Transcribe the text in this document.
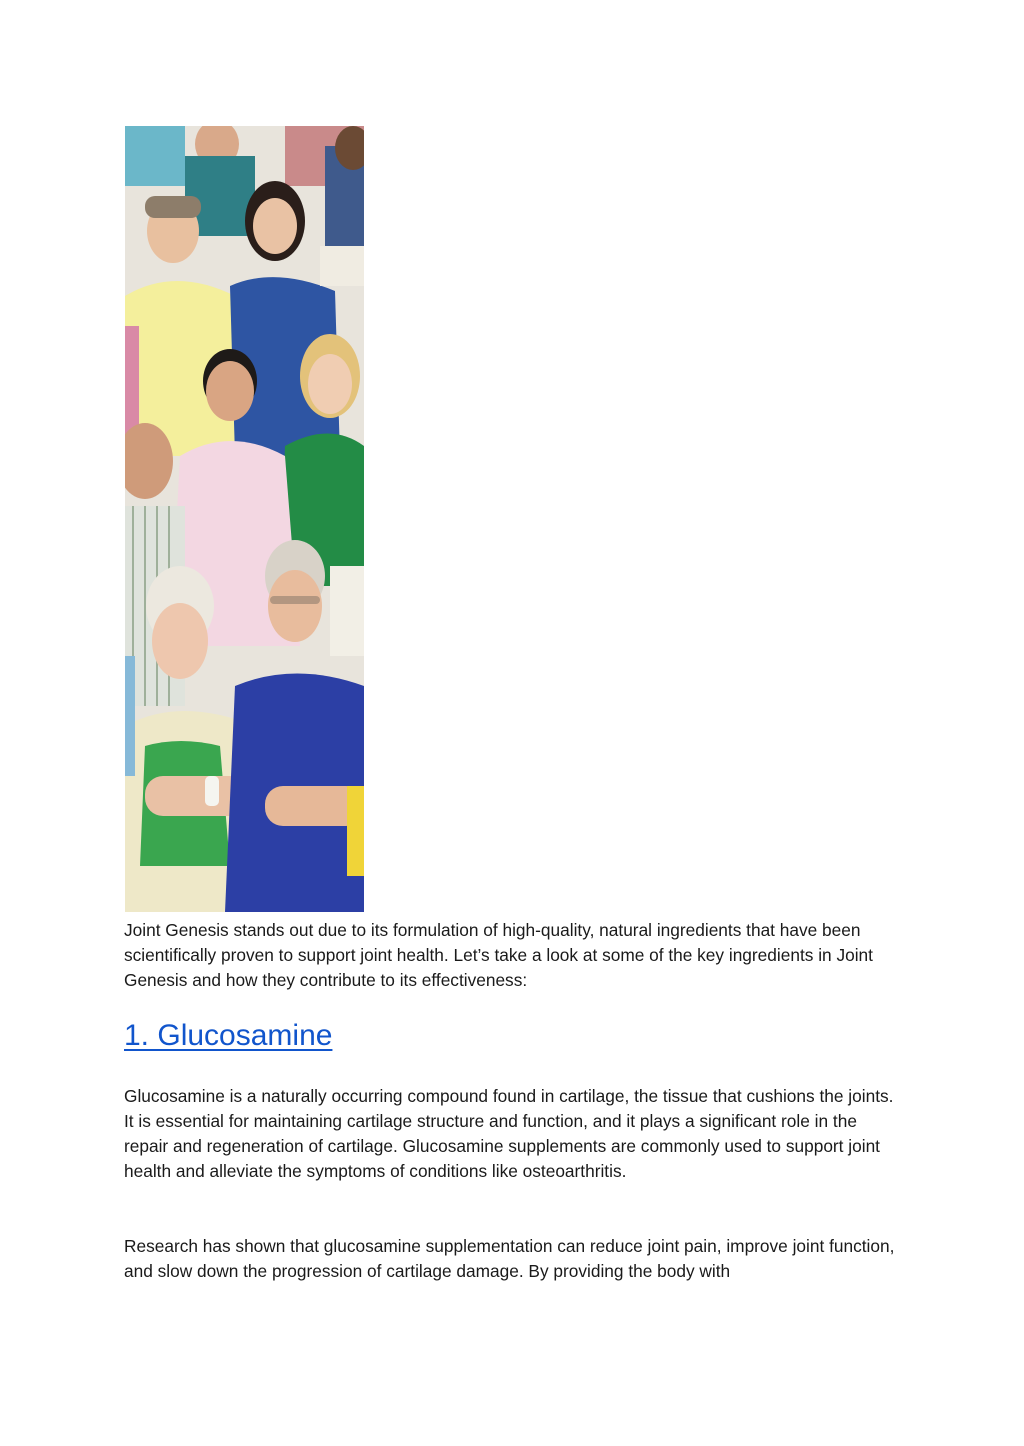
Joint Genesis stands out due to its formulation of high-quality, natural ingredients that have been scientifically proven to support joint health. Let’s take a look at some of the key ingredients in Joint Genesis and how they contribute to its effectiveness:

1. Glucosamine

Glucosamine is a naturally occurring compound found in cartilage, the tissue that cushions the joints. It is essential for maintaining cartilage structure and function, and it plays a significant role in the repair and regeneration of cartilage. Glucosamine supplements are commonly used to support joint health and alleviate the symptoms of conditions like osteoarthritis.

Research has shown that glucosamine supplementation can reduce joint pain, improve joint function, and slow down the progression of cartilage damage. By providing the body with
